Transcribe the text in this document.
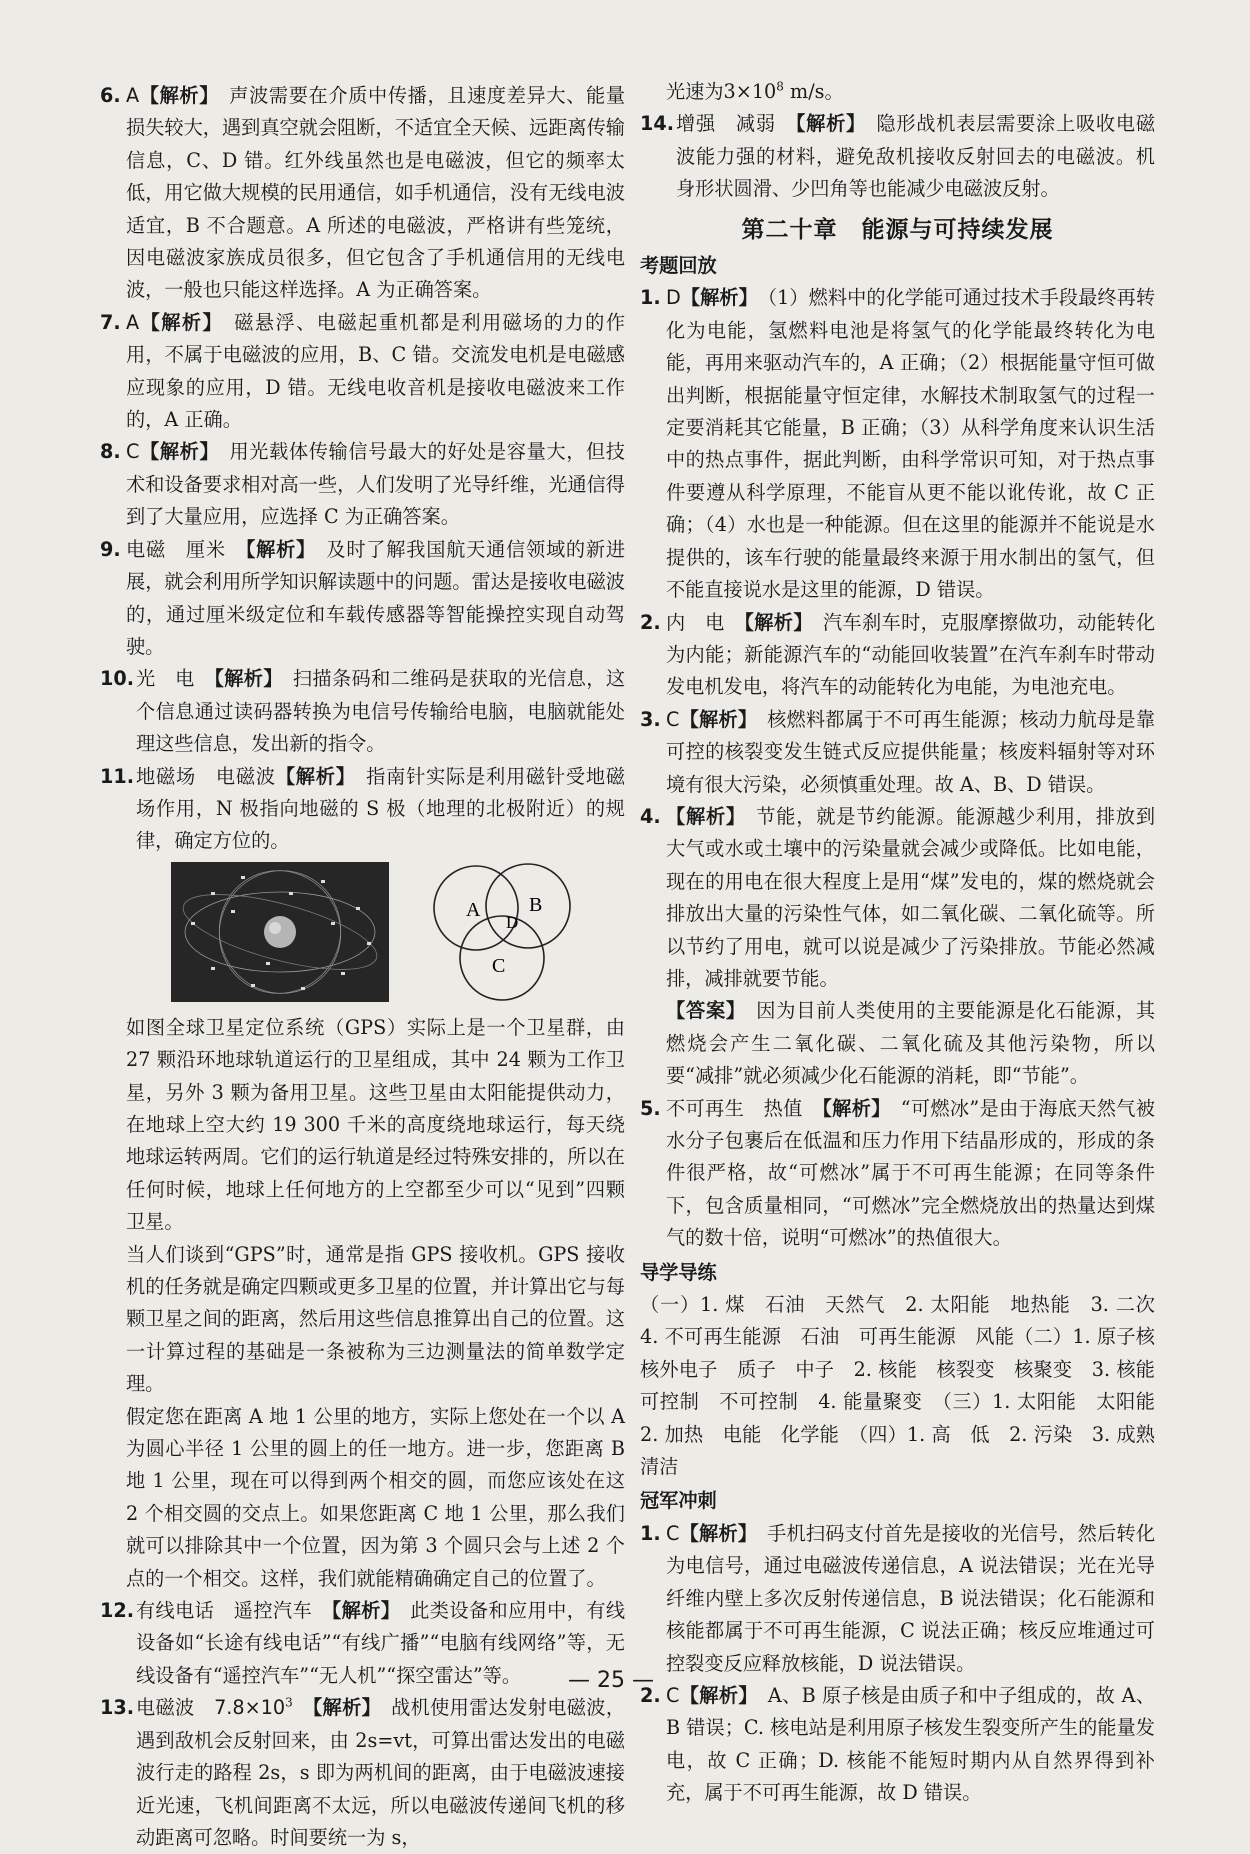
6. A【解析】　 声波需要在介质中传播，且速度差异大、能量损失较大，遇到真空就会阻断，不适宜全天候、远距离传输信息，C、D 错。红外线虽然也是电磁波，但它的频率太低，用它做大规模的民用通信，如手机通信，没有无线电波适宜，B 不合题意。A 所述的电磁波，严格讲有些笼统，因电磁波家族成员很多，但它包含了手机通信用的无线电波，一般也只能这样选择。A 为正确答案。

7. A【解析】　 磁悬浮、电磁起重机都是利用磁场的力的作用，不属于电磁波的应用，B、C 错。交流发电机是电磁感应现象的应用，D 错。无线电收音机是接收电磁波来工作的，A 正确。

8. C【解析】　 用光载体传输信号最大的好处是容量大，但技术和设备要求相对高一些，人们发明了光导纤维，光通信得到了大量应用，应选择 C 为正确答案。

9. 电磁　厘米　 【解析】　 及时了解我国航天通信领域的新进展，就会利用所学知识解读题中的问题。雷达是接收电磁波的，通过厘米级定位和车载传感器等智能操控实现自动驾驶。

10. 光　电　 【解析】　 扫描条码和二维码是获取的光信息，这个信息通过读码器转换为电信号传输给电脑，电脑就能处理这些信息，发出新的指令。

11. 地磁场　电磁波【解析】　 指南针实际是利用磁针受地磁场作用，N 极指向地磁的 S 极（地理的北极附近）的规律，确定方位的。

A B
C
D

如图全球卫星定位系统（GPS）实际上是一个卫星群，由 27 颗沿环地球轨道运行的卫星组成，其中 24 颗为工作卫星，另外 3 颗为备用卫星。这些卫星由太阳能提供动力，在地球上空大约 19 300 千米的高度绕地球运行，每天绕地球运转两周。它们的运行轨道是经过特殊安排的，所以在任何时候，地球上任何地方的上空都至少可以“见到”四颗卫星。

当人们谈到“GPS”时，通常是指 GPS 接收机。GPS 接收机的任务就是确定四颗或更多卫星的位置，并计算出它与每颗卫星之间的距离，然后用这些信息推算出自己的位置。这一计算过程的基础是一条被称为三边测量法的简单数学定理。

假定您在距离 A 地 1 公里的地方，实际上您处在一个以 A 为圆心半径 1 公里的圆上的任一地方。进一步，您距离 B 地 1 公里，现在可以得到两个相交的圆，而您应该处在这 2 个相交圆的交点上。如果您距离 C 地 1 公里，那么我们就可以排除其中一个位置，因为第 3 个圆只会与上述 2 个点的一个相交。这样，我们就能精确确定自己的位置了。

12. 有线电话　遥控汽车　 【解析】　 此类设备和应用中，有线设备如“长途有线电话”“有线广播”“电脑有线网络”等，无线设备有“遥控汽车”“无人机”“探空雷达”等。

13. 电磁波　$7.8\times 10^3$　 【解析】　 战机使用雷达发射电磁波，遇到敌机会反射回来，由 2s=vt，可算出雷达发出的电磁波行走的路程 2s，s 即为两机间的距离，由于电磁波速接近光速，飞机间距离不太远，所以电磁波传递间飞机的移动距离可忽略。时间要统一为 s，

光速为$3\times 10^8$ m/s。

14. 增强　减弱　 【解析】　 隐形战机表层需要涂上吸收电磁波能力强的材料，避免敌机接收反射回去的电磁波。机身形状圆滑、少凹角等也能减少电磁波反射。

第二十章　能源与可持续发展
考题回放

1. D【解析】　 （1）燃料中的化学能可通过技术手段最终再转化为电能，氢燃料电池是将氢气的化学能最终转化为电能，再用来驱动汽车的，A 正确；（2）根据能量守恒可做出判断，根据能量守恒定律，水解技术制取氢气的过程一定要消耗其它能量，B 正确；（3）从科学角度来认识生活中的热点事件，据此判断，由科学常识可知，对于热点事件要遵从科学原理，不能盲从更不能以讹传讹，故 C 正确；（4）水也是一种能源。但在这里的能源并不能说是水提供的，该车行驶的能量最终来源于用水制出的氢气，但不能直接说水是这里的能源，D 错误。

2. 内　电　 【解析】　 汽车刹车时，克服摩擦做功，动能转化为内能；新能源汽车的“动能回收装置”在汽车刹车时带动发电机发电，将汽车的动能转化为电能，为电池充电。

3. C【解析】　 核燃料都属于不可再生能源；核动力航母是靠可控的核裂变发生链式反应提供能量；核废料辐射等对环境有很大污染，必须慎重处理。故 A、B、D 错误。

4. 【解析】　 节能，就是节约能源。能源越少利用，排放到大气或水或土壤中的污染量就会减少或降低。比如电能，现在的用电在很大程度上是用“煤”发电的，煤的燃烧就会排放出大量的污染性气体，如二氧化碳、二氧化硫等。所以节约了用电，就可以说是减少了污染排放。节能必然减排，减排就要节能。

【答案】　 因为目前人类使用的主要能源是化石能源，其燃烧会产生二氧化碳、二氧化硫及其他污染物，所以要“减排”就必须减少化石能源的消耗，即“节能”。

5. 不可再生　热值　 【解析】　 “可燃冰”是由于海底天然气被水分子包裹后在低温和压力作用下结晶形成的，形成的条件很严格，故“可燃冰”属于不可再生能源；在同等条件下，包含质量相同，“可燃冰”完全燃烧放出的热量达到煤气的数十倍，说明“可燃冰”的热值很大。

导学导练

（一）1. 煤　石油　天然气　2. 太阳能　地热能　3. 二次　4. 不可再生能源　石油　可再生能源　风能（二）1. 原子核　核外电子　质子　中子　2. 核能　核裂变　核聚变　3. 核能　可控制　不可控制　4. 能量聚变　（三）1. 太阳能　太阳能　2. 加热　电能　化学能　（四）1. 高　低　2. 污染　3. 成熟　清洁

冠军冲刺

1. C【解析】　 手机扫码支付首先是接收的光信号，然后转化为电信号，通过电磁波传递信息，A 说法错误；光在光导纤维内壁上多次反射传递信息，B 说法错误；化石能源和核能都属于不可再生能源，C 说法正确；核反应堆通过可控裂变反应释放核能，D 说法错误。

2. C【解析】　 A、B 原子核是由质子和中子组成的，故 A、B 错误；C. 核电站是利用原子核发生裂变所产生的能量发电，故 C 正确；D. 核能不能短时期内从自然界得到补充，属于不可再生能源，故 D 错误。

— 25 —
